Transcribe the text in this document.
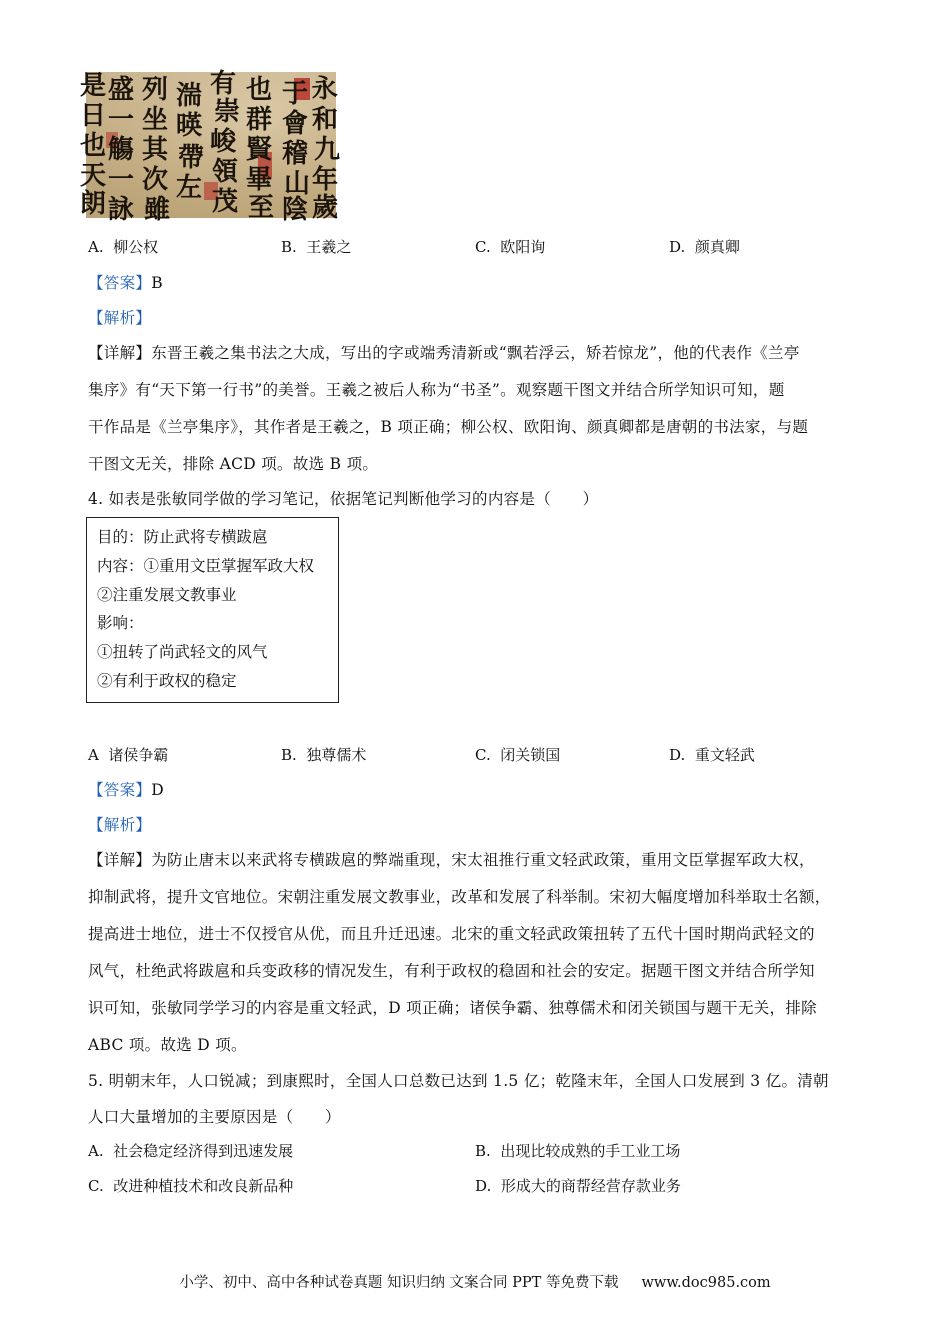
永
和
九
年
歲
于
會
稽
山
陰
也
群
賢
畢
至
有
崇
峻
領
茂
湍
暎
帶
左
列
坐
其
次
雖
盛
一
觴
一
詠
是
日
也
天
朗
A. 柳公权	B. 王羲之	C. 欧阳询	D. 颜真卿
【答案】B
【解析】
【详解】东晋王羲之集书法之大成，写出的字或端秀清新或“飘若浮云，矫若惊龙”，他的代表作《兰亭
集序》有“天下第一行书”的美誉。王羲之被后人称为“书圣”。观察题干图文并结合所学知识可知，题
干作品是《兰亭集序》，其作者是王羲之，B 项正确；柳公权、欧阳询、颜真卿都是唐朝的书法家，与题
干图文无关，排除 ACD 项。故选 B 项。
4. 如表是张敏同学做的学习笔记，依据笔记判断他学习的内容是（　　）
目的：防止武将专横跋扈
内容：①重用文臣掌握军政大权
②注重发展文教事业
影响：
①扭转了尚武轻文的风气
②有利于政权的稳定
A 诸侯争霸	B. 独尊儒术	C. 闭关锁国	D. 重文轻武
【答案】D
【解析】
【详解】为防止唐末以来武将专横跋扈的弊端重现，宋太祖推行重文轻武政策，重用文臣掌握军政大权，
抑制武将，提升文官地位。宋朝注重发展文教事业，改革和发展了科举制。宋初大幅度增加科举取士名额，
提高进士地位，进士不仅授官从优，而且升迁迅速。北宋的重文轻武政策扭转了五代十国时期尚武轻文的
风气，杜绝武将跋扈和兵变政移的情况发生，有利于政权的稳固和社会的安定。据题干图文并结合所学知
识可知，张敏同学学习的内容是重文轻武，D 项正确；诸侯争霸、独尊儒术和闭关锁国与题干无关，排除
ABC 项。故选 D 项。
5. 明朝末年，人口锐减；到康熙时，全国人口总数已达到 1.5 亿；乾隆末年，全国人口发展到 3 亿。清朝
人口大量增加的主要原因是（　　）
A. 社会稳定经济得到迅速发展	B. 出现比较成熟的手工业工场
C. 改进种植技术和改良新品种	D. 形成大的商帮经营存款业务
小学、初中、高中各种试卷真题 知识归纳 文案合同 PPT 等免费下载 www.doc985.com
